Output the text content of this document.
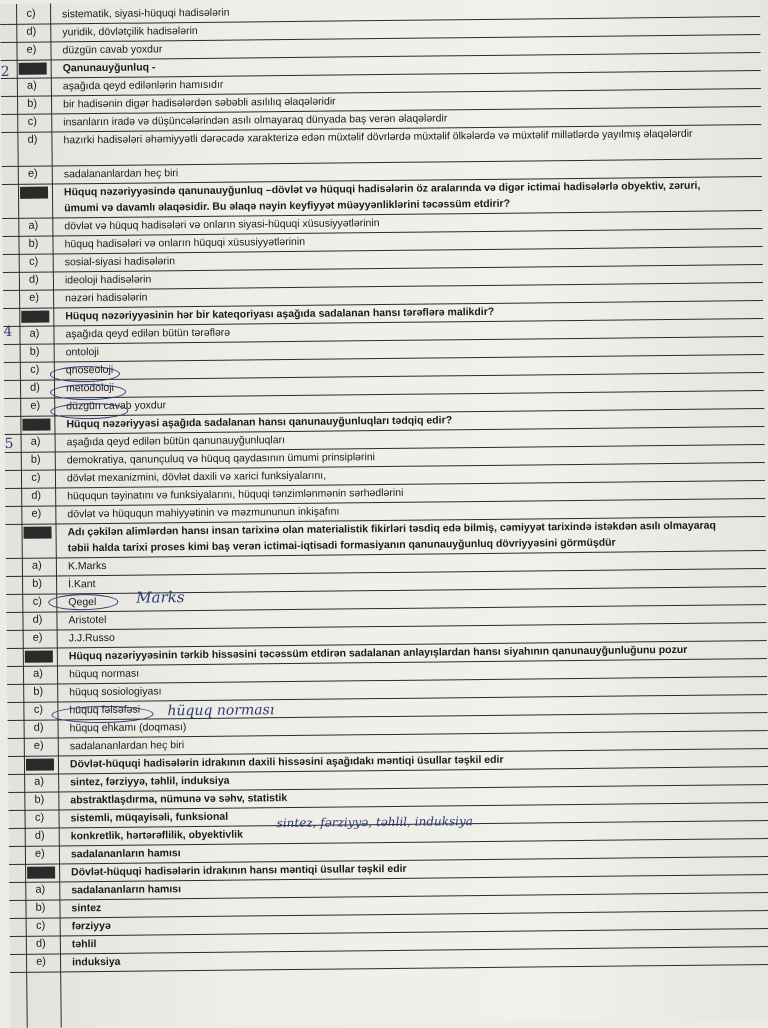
c)	sistematik, siyasi-hüquqi hadisələrin
d)	yuridik, dövlətçilik hadisələrin
e)	düzgün cavab yoxdur
Qanunauyğunluq -
a)	aşağıda qeyd edilənlərin hamısıdır
b)	bir hadisənin digər hadisələrdən səbəbli asılılıq əlaqələridir
c)	insanların iradə və düşüncələrindən asılı olmayaraq dünyada baş verən əlaqələrdir
d)	hazırki hadisələri əhəmiyyətli dərəcədə xarakterizə edən müxtəlif dövrlərdə müxtəlif ölkələrdə və müxtəlif millətlərdə yayılmış əlaqələrdir
e)	sadalananlardan heç biri
Hüquq nəzəriyyəsində qanunauyğunluq –dövlət və hüquqi hadisələrin öz aralarında və digər ictimai hadisələrlə obyektiv, zəruri, ümumi və davamlı əlaqəsidir. Bu əlaqə nəyin keyfiyyət müəyyənliklərini təcəssüm etdirir?
a)	dövlət və hüquq hadisələri və onların siyasi-hüquqi xüsusiyyətlərinin
b)	hüquq hadisələri və onların hüquqi xüsusiyyətlərinin
c)	sosial-siyasi hadisələrin
d)	ideoloji hadisələrin
e)	nəzəri hadisələrin
Hüquq nəzəriyyəsinin hər bir kateqoriyası aşağıda sadalanan hansı tərəflərə malikdir?
a)	aşağıda qeyd edilən bütün tərəflərə
b)	ontoloji
c)	qnoseoloji
d)	metodoloji
e)	düzgün cavab yoxdur
Hüquq nəzəriyyəsi aşağıda sadalanan hansı qanunauyğunluqları tədqiq edir?
a)	aşağıda qeyd edilən bütün qanunauyğunluqları
b)	demokratiya, qanunçuluq və hüquq qaydasının ümumi prinsiplərini
c)	dövlət mexanizmini, dövlət daxili və xarici funksiyalarını,
d)	hüququn təyinatını və funksiyalarını, hüquqi tənzimlənmənin sərhədlərini
e)	dövlət və hüququn mahiyyətinin və məzmununun inkişafını
Adı çəkilən alimlərdən hansı insan tarixinə olan materialistik fikirləri təsdiq edə bilmiş, cəmiyyət tarixində istəkdən asılı olmayaraq təbii halda tarixi proses kimi baş verən ictimai-iqtisadi formasiyanın qanunauyğunluq dövriyyəsini görmüşdür
a)	K.Marks
b)	İ.Kant
c)	Qegel
d)	Aristotel
e)	J.J.Russo
Hüquq nəzəriyyəsinin tərkib hissəsini təcəssüm etdirən sadalanan anlayışlardan hansı siyahının qanunauyğunluğunu pozur
a)	hüquq norması
b)	hüquq sosiologiyası
c)	hüquq fəlsəfəsi
d)	hüquq ehkamı (doqması)
e)	sadalananlardan heç biri
Dövlət-hüquqi hadisələrin idrakının daxili hissəsini aşağıdakı məntiqi üsullar təşkil edir
a)	sintez, fərziyyə, təhlil, induksiya
b)	abstraktlaşdırma, nümunə və səhv, statistik
c)	sistemli, müqayisəli, funksional
d)	konkretlik, hərtərəflilik, obyektivlik
e)	sadalananların hamısı
Dövlət-hüquqi hadisələrin idrakının hansı məntiqi üsullar təşkil edir
a)	sadalananların hamısı
b)	sintez
c)	fərziyyə
d)	təhlil
e)	induksiya
2
4
5
Marks
hüquq norması
sintez, fərziyyə, təhlil, induksiya
